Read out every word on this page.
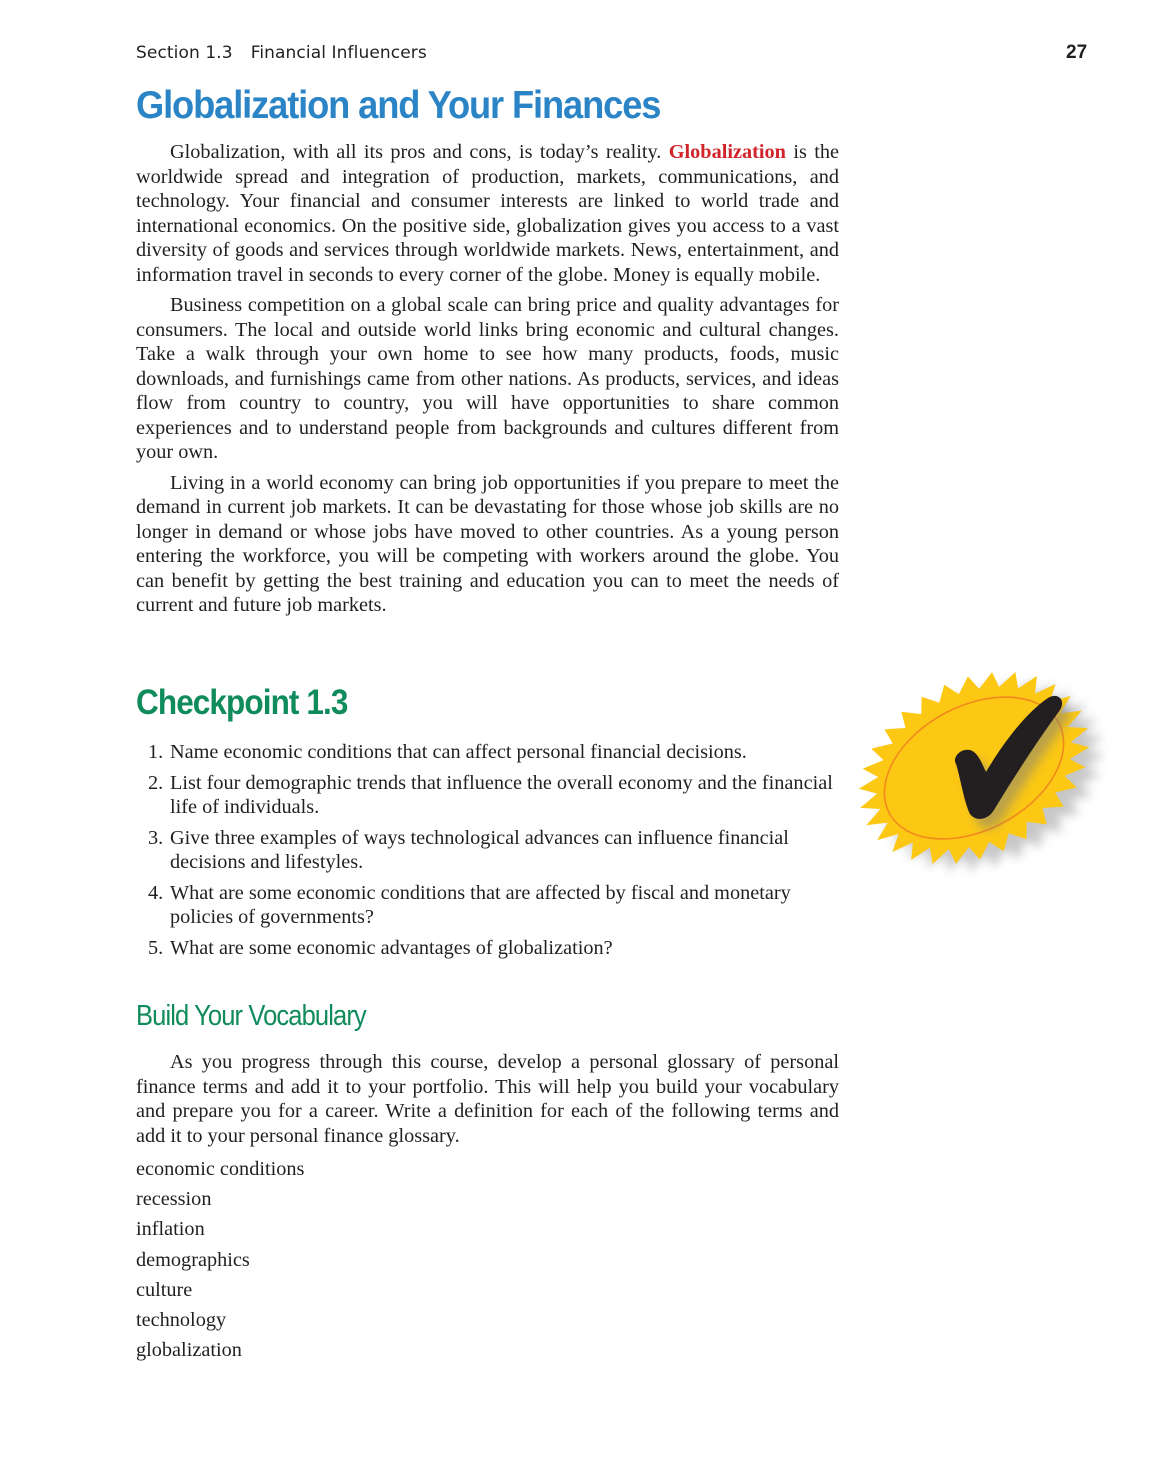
Section 1.3 Financial Influencers	27
Globalization and Your Finances

Globalization, with all its pros and cons, is today’s reality. Globalization is the worldwide spread and integration of production, markets, communications, and technology. Your financial and consumer interests are linked to world trade and international economics. On the positive side, globalization gives you access to a vast diversity of goods and services through worldwide markets. News, entertainment, and information travel in seconds to every corner of the globe. Money is equally mobile.

Business competition on a global scale can bring price and quality advantages for consumers. The local and outside world links bring economic and cultural changes. Take a walk through your own home to see how many products, foods, music downloads, and furnishings came from other nations. As products, services, and ideas flow from country to country, you will have opportunities to share common experiences and to understand people from backgrounds and cultures different from your own.

Living in a world economy can bring job opportunities if you prepare to meet the demand in current job markets. It can be devastating for those whose job skills are no longer in demand or whose jobs have moved to other countries. As a young person entering the workforce, you will be competing with workers around the globe. You can benefit by getting the best training and education you can to meet the needs of current and future job markets.

Checkpoint 1.3
1. Name economic conditions that can affect personal financial decisions.
2. List four demographic trends that influence the overall economy and the financial life of individuals.
3. Give three examples of ways technological advances can influence financial decisions and lifestyles.
4. What are some economic conditions that are affected by fiscal and monetary policies of governments?
5. What are some economic advantages of globalization?
Build Your Vocabulary

As you progress through this course, develop a personal glossary of personal finance terms and add it to your portfolio. This will help you build your vocabulary and prepare you for a career. Write a definition for each of the following terms and add it to your personal finance glossary.

economic conditions
recession
inflation
demographics
culture
technology
globalization
